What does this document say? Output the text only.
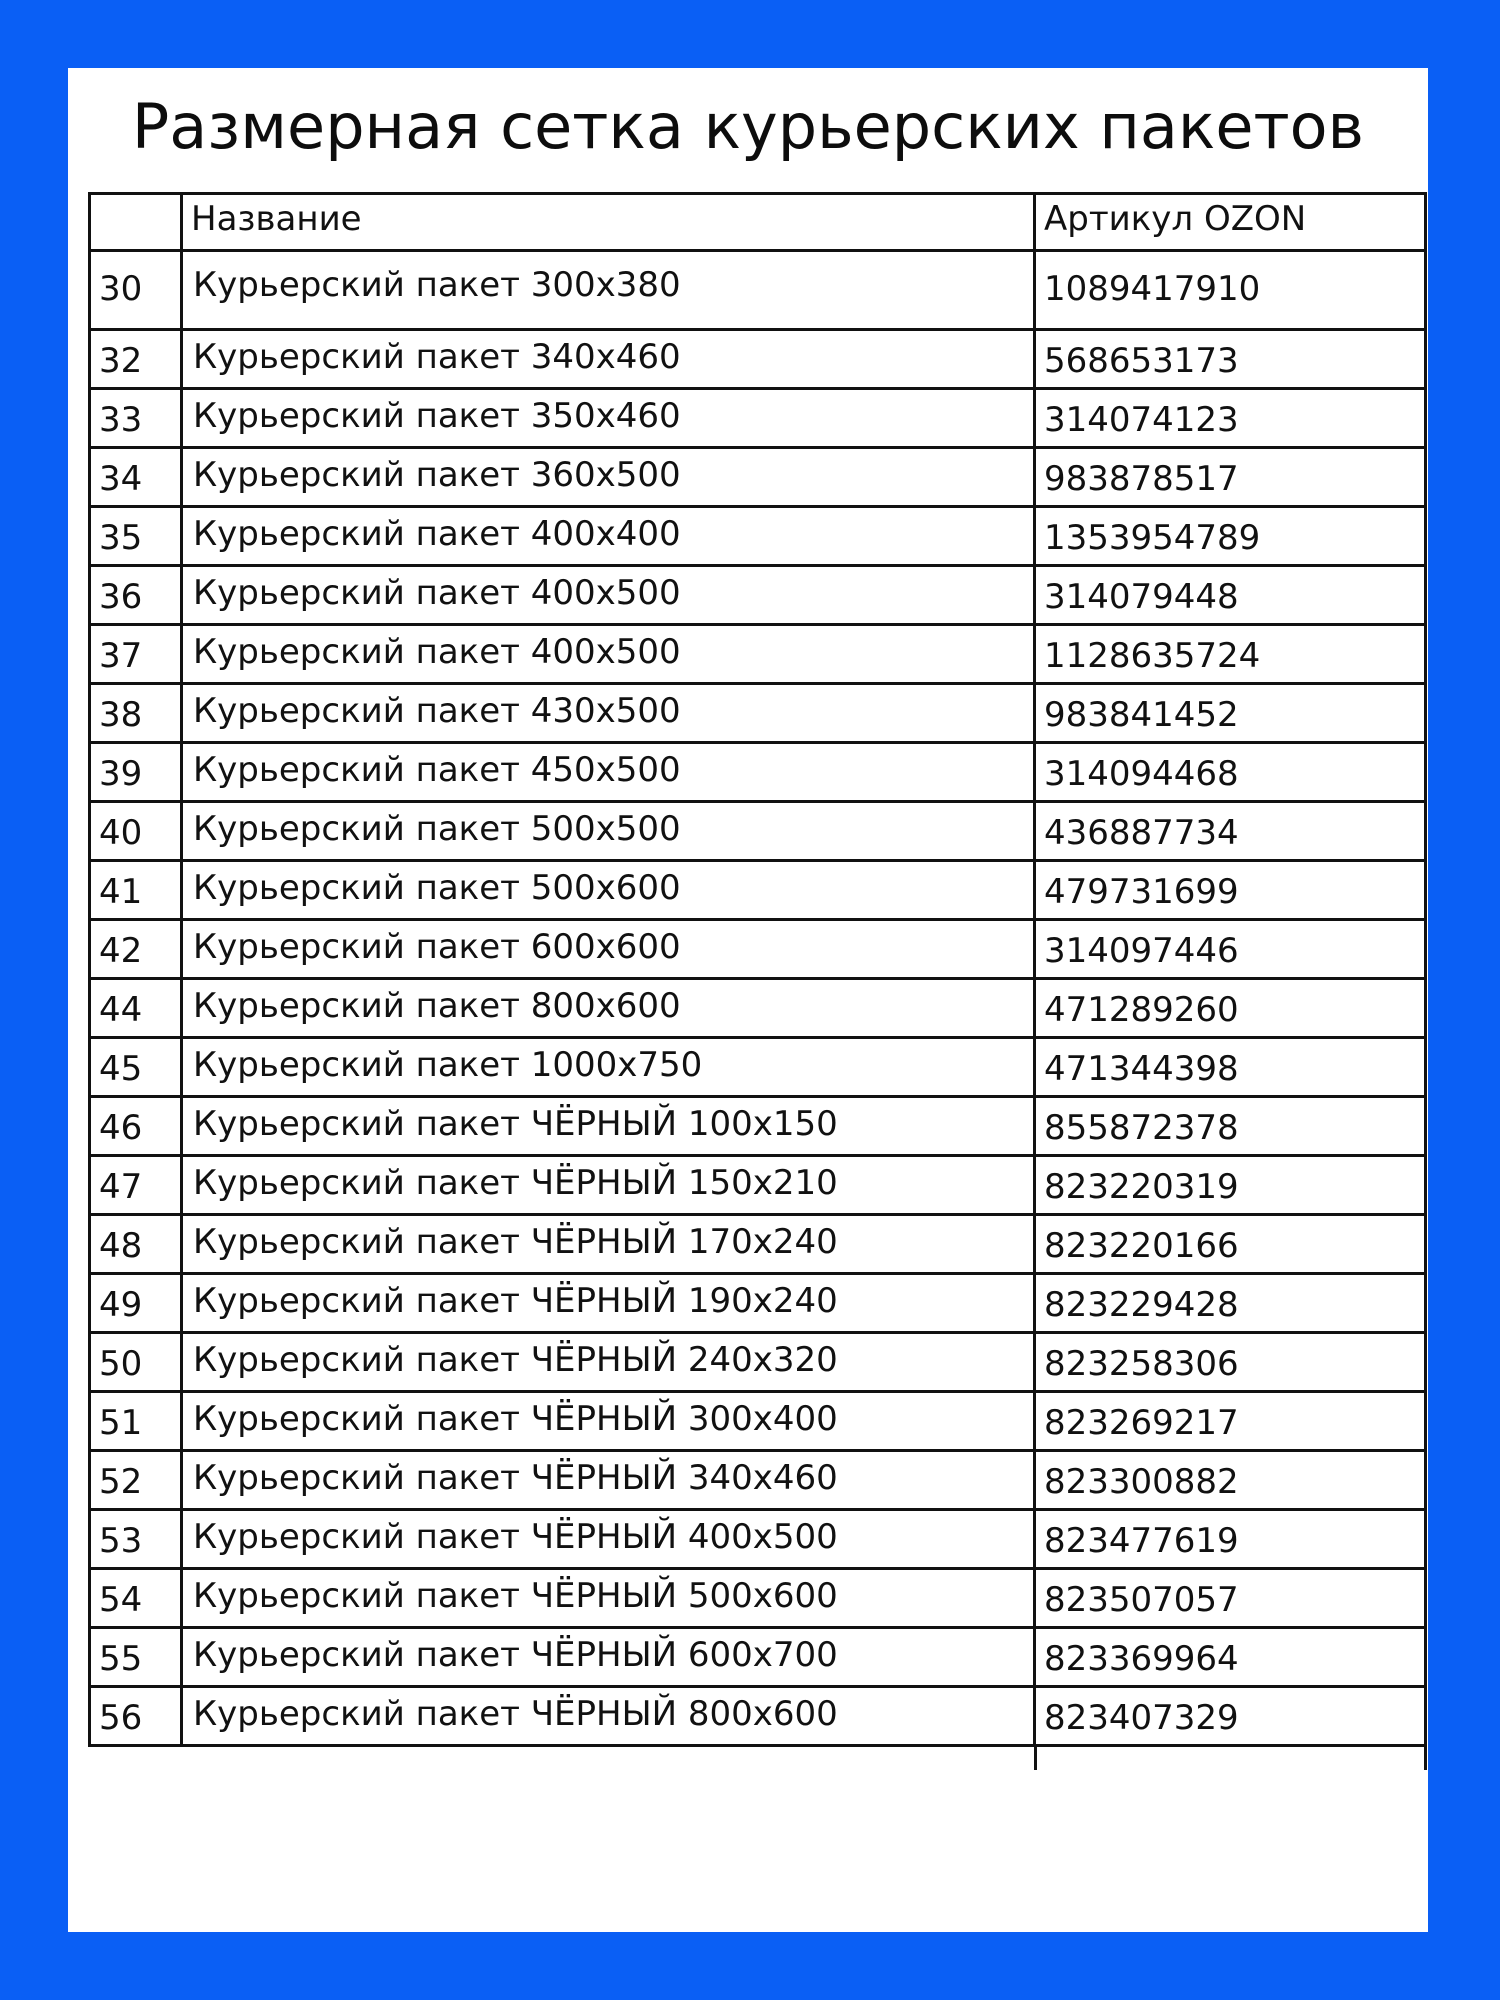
Размерная сетка курьерских пакетов
	Название	Артикул OZON
30	Курьерский пакет 300x380	1089417910
32	Курьерский пакет 340x460	568653173
33	Курьерский пакет 350x460	314074123
34	Курьерский пакет 360x500	983878517
35	Курьерский пакет 400x400	1353954789
36	Курьерский пакет 400x500	314079448
37	Курьерский пакет 400x500	1128635724
38	Курьерский пакет 430x500	983841452
39	Курьерский пакет 450x500	314094468
40	Курьерский пакет 500x500	436887734
41	Курьерский пакет 500x600	479731699
42	Курьерский пакет 600x600	314097446
44	Курьерский пакет 800x600	471289260
45	Курьерский пакет 1000x750	471344398
46	Курьерский пакет ЧЁРНЫЙ 100x150	855872378
47	Курьерский пакет ЧЁРНЫЙ 150x210	823220319
48	Курьерский пакет ЧЁРНЫЙ 170x240	823220166
49	Курьерский пакет ЧЁРНЫЙ 190x240	823229428
50	Курьерский пакет ЧЁРНЫЙ 240x320	823258306
51	Курьерский пакет ЧЁРНЫЙ 300x400	823269217
52	Курьерский пакет ЧЁРНЫЙ 340x460	823300882
53	Курьерский пакет ЧЁРНЫЙ 400x500	823477619
54	Курьерский пакет ЧЁРНЫЙ 500x600	823507057
55	Курьерский пакет ЧЁРНЫЙ 600x700	823369964
56	Курьерский пакет ЧЁРНЫЙ 800x600	823407329
